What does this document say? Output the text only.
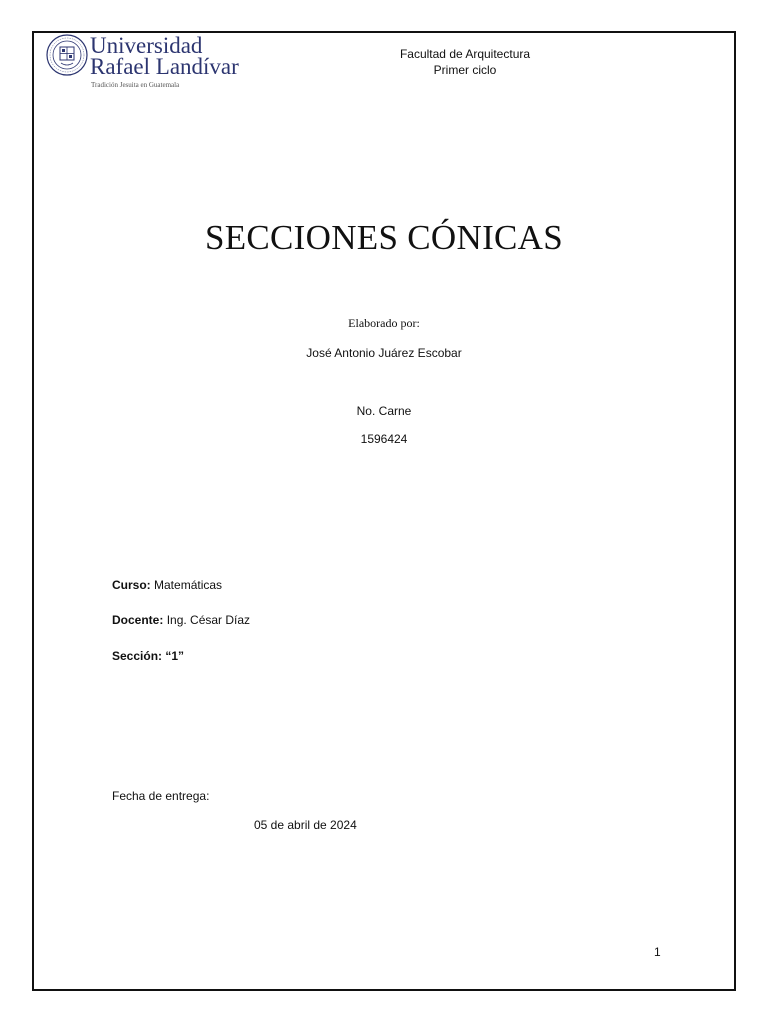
Universidad
Rafael Landívar
Tradición Jesuita en Guatemala
Facultad de Arquitectura
Primer ciclo
SECCIONES CÓNICAS
Elaborado por:
José Antonio Juárez Escobar
No. Carne
1596424
Curso: Matemáticas
Docente: Ing. César Díaz
Sección: “1”
Fecha de entrega:
05 de abril de 2024
1
